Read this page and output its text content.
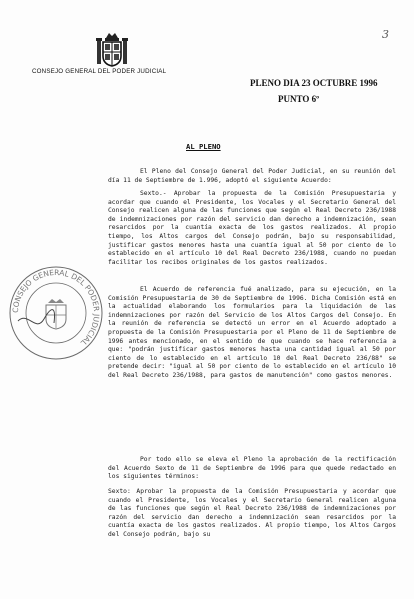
3
CONSEJO GENERAL DEL PODER JUDICIAL
PLENO DIA 23 OCTUBRE 1996
PUNTO 6º
AL PLENO

El Pleno del Consejo General del Poder Judicial, en su reunión del día 11 de Septiembre de 1.996, adoptó el siguiente Acuerdo:

Sexto.- Aprobar la propuesta de la Comisión Presupuestaria y acordar que cuando el Presidente, los Vocales y el Secretario General del Consejo realicen alguna de las funciones que según el Real Decreto 236/1988 de indemnizaciones por razón del servicio dan derecho a indemnización, sean resarcidos por la cuantía exacta de los gastos realizados. Al propio tiempo, los Altos cargos del Consejo podrán, bajo su responsabilidad, justificar gastos menores hasta una cuantía igual al 50 por ciento de lo establecido en el artículo 10 del Real Decreto 236/1988, cuando no puedan facilitar los recibos originales de los gastos realizados.

El Acuerdo de referencia fué analizado, para su ejecución, en la Comisión Presupuestaria de 30 de Septiembre de 1996. Dicha Comisión está en la actualidad elaborando los formularios para la liquidación de las indemnizaciones por razón del Servicio de los Altos Cargos del Consejo. En la reunión de referencia se detectó un error en el Acuerdo adoptado a propuesta de la Comisión Presupuestaria por el Pleno de 11 de Septiembre de 1996 antes mencionado, en el sentido de que cuando se hace referencia a que: "podrán justificar gastos menores hasta una cantidad igual al 50 por ciento de lo establecido en el artículo 10 del Real Decreto 236/88" se pretende decir: "igual al 50 por ciento de lo establecido en el artículo 10 del Real Decreto 236/1988, para gastos de manutención" como gastos menores.

Por todo ello se eleva el Pleno la aprobación de la rectificación del Acuerdo Sexto de 11 de Septiembre de 1996 para que quede redactado en los siguientes términos:

Sexto: Aprobar la propuesta de la Comisión Presupuestaria y acordar que cuando el Presidente, los Vocales y el Secretario General realicen alguna de las funciones que según el Real Decreto 236/1988 de indemnizaciones por razón del servicio dan derecho a indemnización sean resarcidos por la cuantía exacta de los gastos realizados. Al propio tiempo, los Altos Cargos del Consejo podrán, bajo su

CONSEJO GENERAL DEL PODER JUDICIAL
